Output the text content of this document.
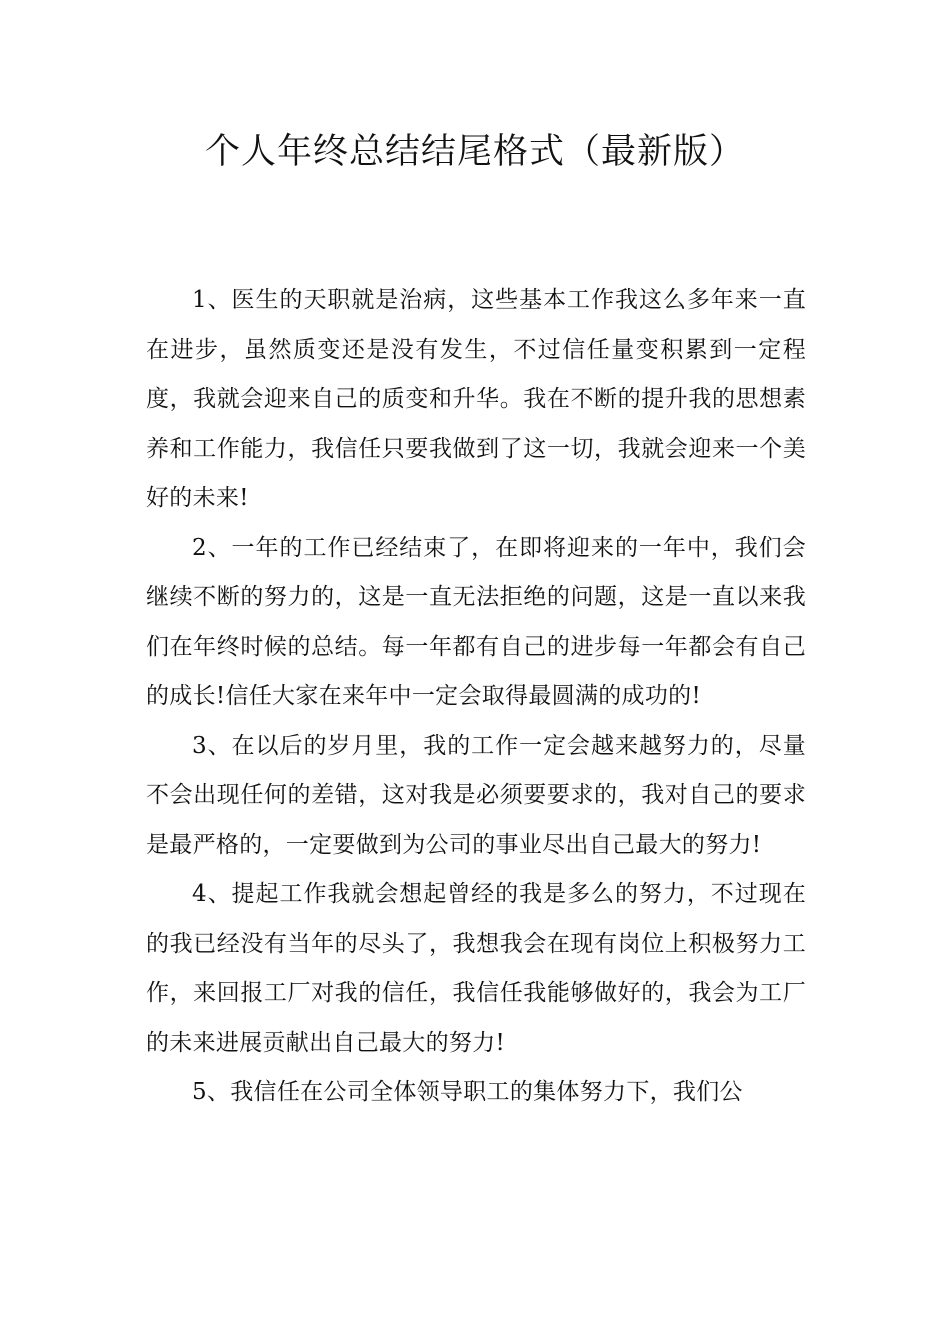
个人年终总结结尾格式（最新版）

1、医生的天职就是治病，这些基本工作我这么多年来一直在进步，虽然质变还是没有发生，不过信任量变积累到一定程度，我就会迎来自己的质变和升华。我在不断的提升我的思想素养和工作能力，我信任只要我做到了这一切，我就会迎来一个美好的未来!

2、一年的工作已经结束了，在即将迎来的一年中，我们会继续不断的努力的，这是一直无法拒绝的问题，这是一直以来我们在年终时候的总结。每一年都有自己的进步每一年都会有自己的成长!信任大家在来年中一定会取得最圆满的成功的!

3、在以后的岁月里，我的工作一定会越来越努力的，尽量不会出现任何的差错，这对我是必须要要求的，我对自己的要求是最严格的，一定要做到为公司的事业尽出自己最大的努力!

4、提起工作我就会想起曾经的我是多么的努力，不过现在的我已经没有当年的尽头了，我想我会在现有岗位上积极努力工作，来回报工厂对我的信任，我信任我能够做好的，我会为工厂的未来进展贡献出自己最大的努力!

5、我信任在公司全体领导职工的集体努力下，我们公
